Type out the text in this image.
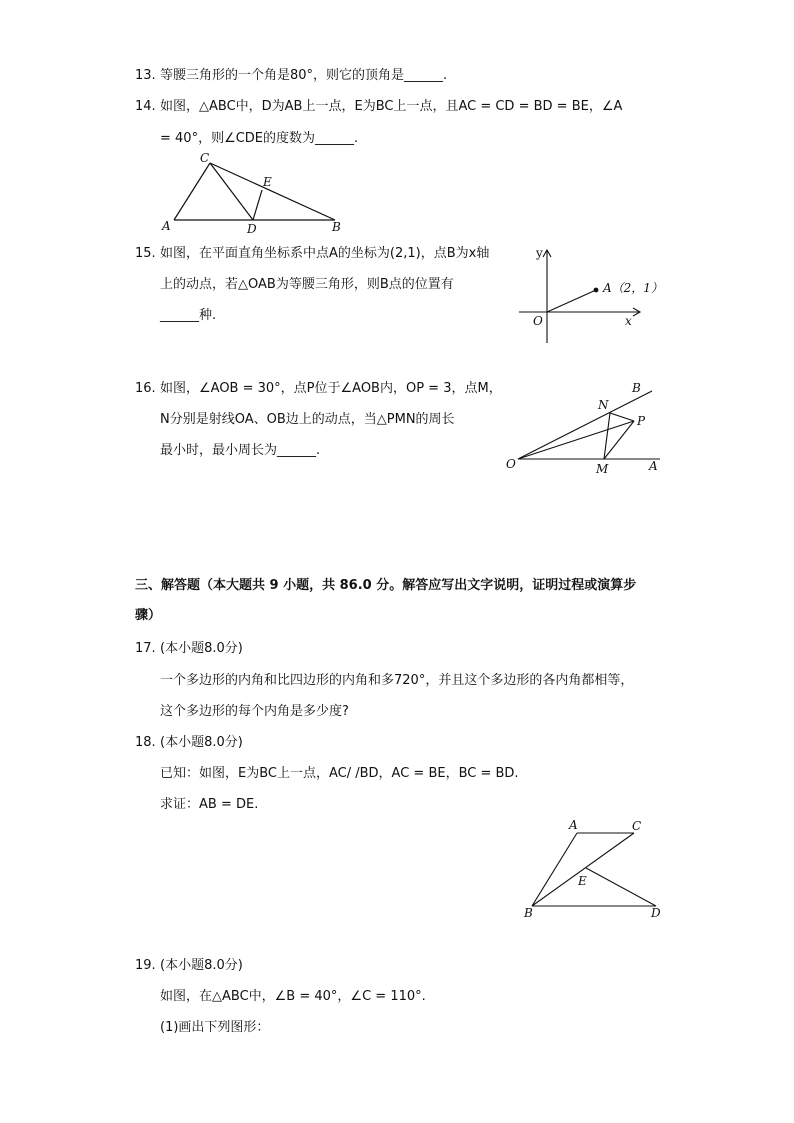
13. 等腰三角形的一个角是80°，则它的顶角是______.
14. 如图，△ABC中，D为AB上一点，E为BC上一点，且AC = CD = BD = BE，∠A
= 40°，则∠CDE的度数为______.
C
A	D	B
E
15. 如图，在平面直角坐标系中点A的坐标为(2,1)，点B为x轴
上的动点，若△OAB为等腰三角形，则B点的位置有
______种.
y
x
O
A（2，1）
16. 如图，∠AOB = 30°，点P位于∠AOB内，OP = 3，点M，
N分别是射线OA、OB边上的动点，当△PMN的周长
最小时，最小周长为______.
O	A
B
M
N
P
三、解答题（本大题共 9 小题，共 86.0 分。解答应写出文字说明，证明过程或演算步
骤）
17. (本小题8.0分)
一个多边形的内角和比四边形的内角和多720°，并且这个多边形的各内角都相等，
这个多边形的每个内角是多少度?
18. (本小题8.0分)
已知：如图，E为BC上一点，AC/ /BD，AC = BE，BC = BD.
求证：AB = DE.
A	C
B	D
E
19. (本小题8.0分)
如图，在△ABC中，∠B = 40°，∠C = 110°.
(1)画出下列图形：
